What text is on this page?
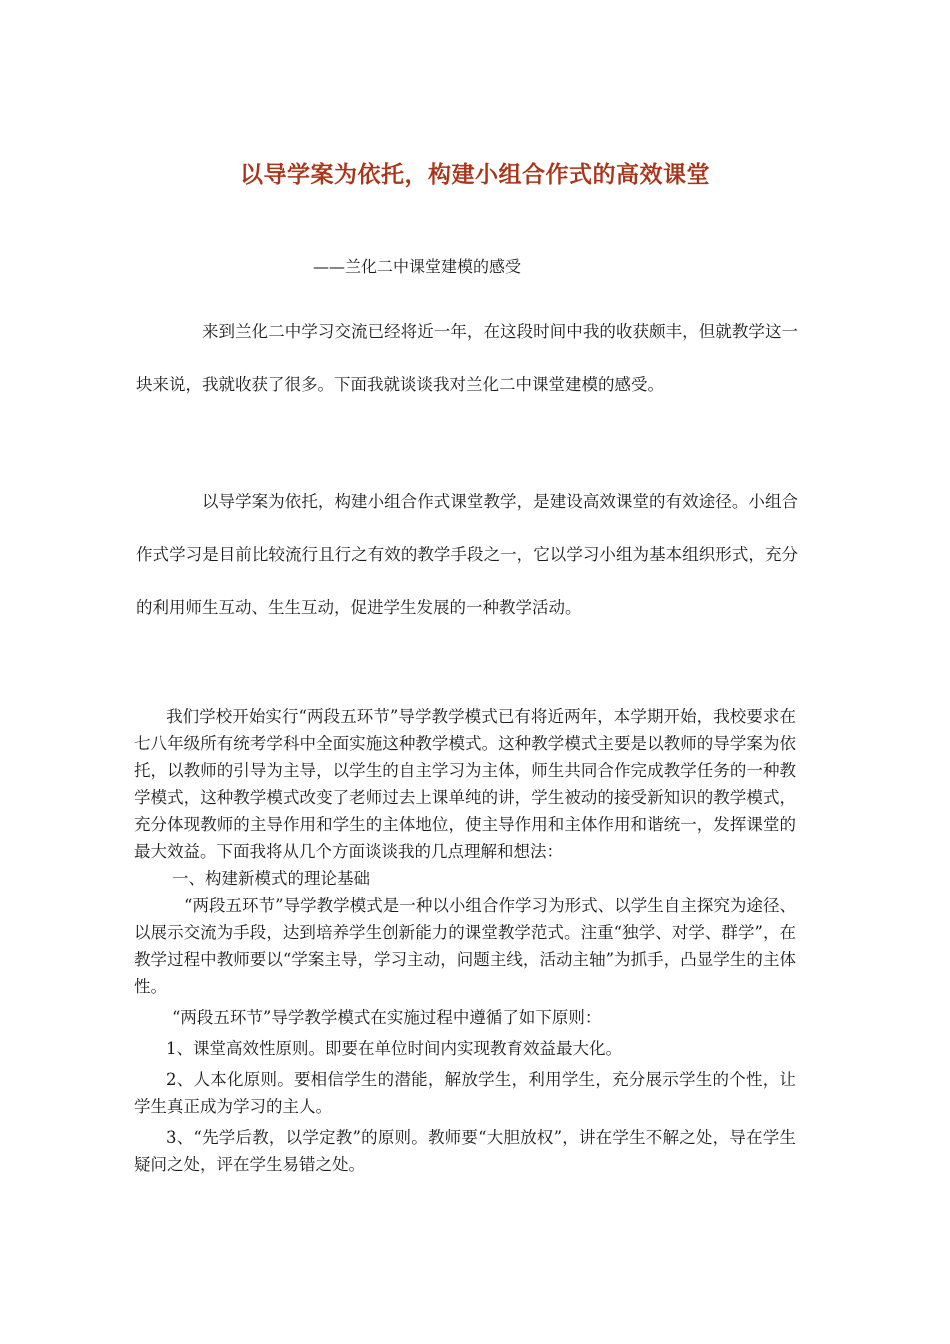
以导学案为依托，构建小组合作式的高效课堂
——兰化二中课堂建模的感受

来到兰化二中学习交流已经将近一年，在这段时间中我的收获颇丰，但就教学这一块来说，我就收获了很多。下面我就谈谈我对兰化二中课堂建模的感受。

以导学案为依托，构建小组合作式课堂教学，是建设高效课堂的有效途径。小组合作式学习是目前比较流行且行之有效的教学手段之一，它以学习小组为基本组织形式，充分的利用师生互动、生生互动，促进学生发展的一种教学活动。

我们学校开始实行“两段五环节”导学教学模式已有将近两年，本学期开始，我校要求在七八年级所有统考学科中全面实施这种教学模式。这种教学模式主要是以教师的导学案为依托，以教师的引导为主导，以学生的自主学习为主体，师生共同合作完成教学任务的一种教学模式，这种教学模式改变了老师过去上课单纯的讲，学生被动的接受新知识的教学模式，充分体现教师的主导作用和学生的主体地位，使主导作用和主体作用和谐统一，发挥课堂的最大效益。下面我将从几个方面谈谈我的几点理解和想法：

一、构建新模式的理论基础

“两段五环节”导学教学模式是一种以小组合作学习为形式、以学生自主探究为途径、以展示交流为手段，达到培养学生创新能力的课堂教学范式。注重“独学、对学、群学”，在教学过程中教师要以“学案主导，学习主动，问题主线，活动主轴”为抓手，凸显学生的主体性。

“两段五环节”导学教学模式在实施过程中遵循了如下原则：

1、课堂高效性原则。即要在单位时间内实现教育效益最大化。

2、人本化原则。要相信学生的潜能，解放学生，利用学生，充分展示学生的个性，让学生真正成为学习的主人。

3、“先学后教，以学定教”的原则。教师要“大胆放权”，讲在学生不解之处，导在学生疑问之处，评在学生易错之处。
